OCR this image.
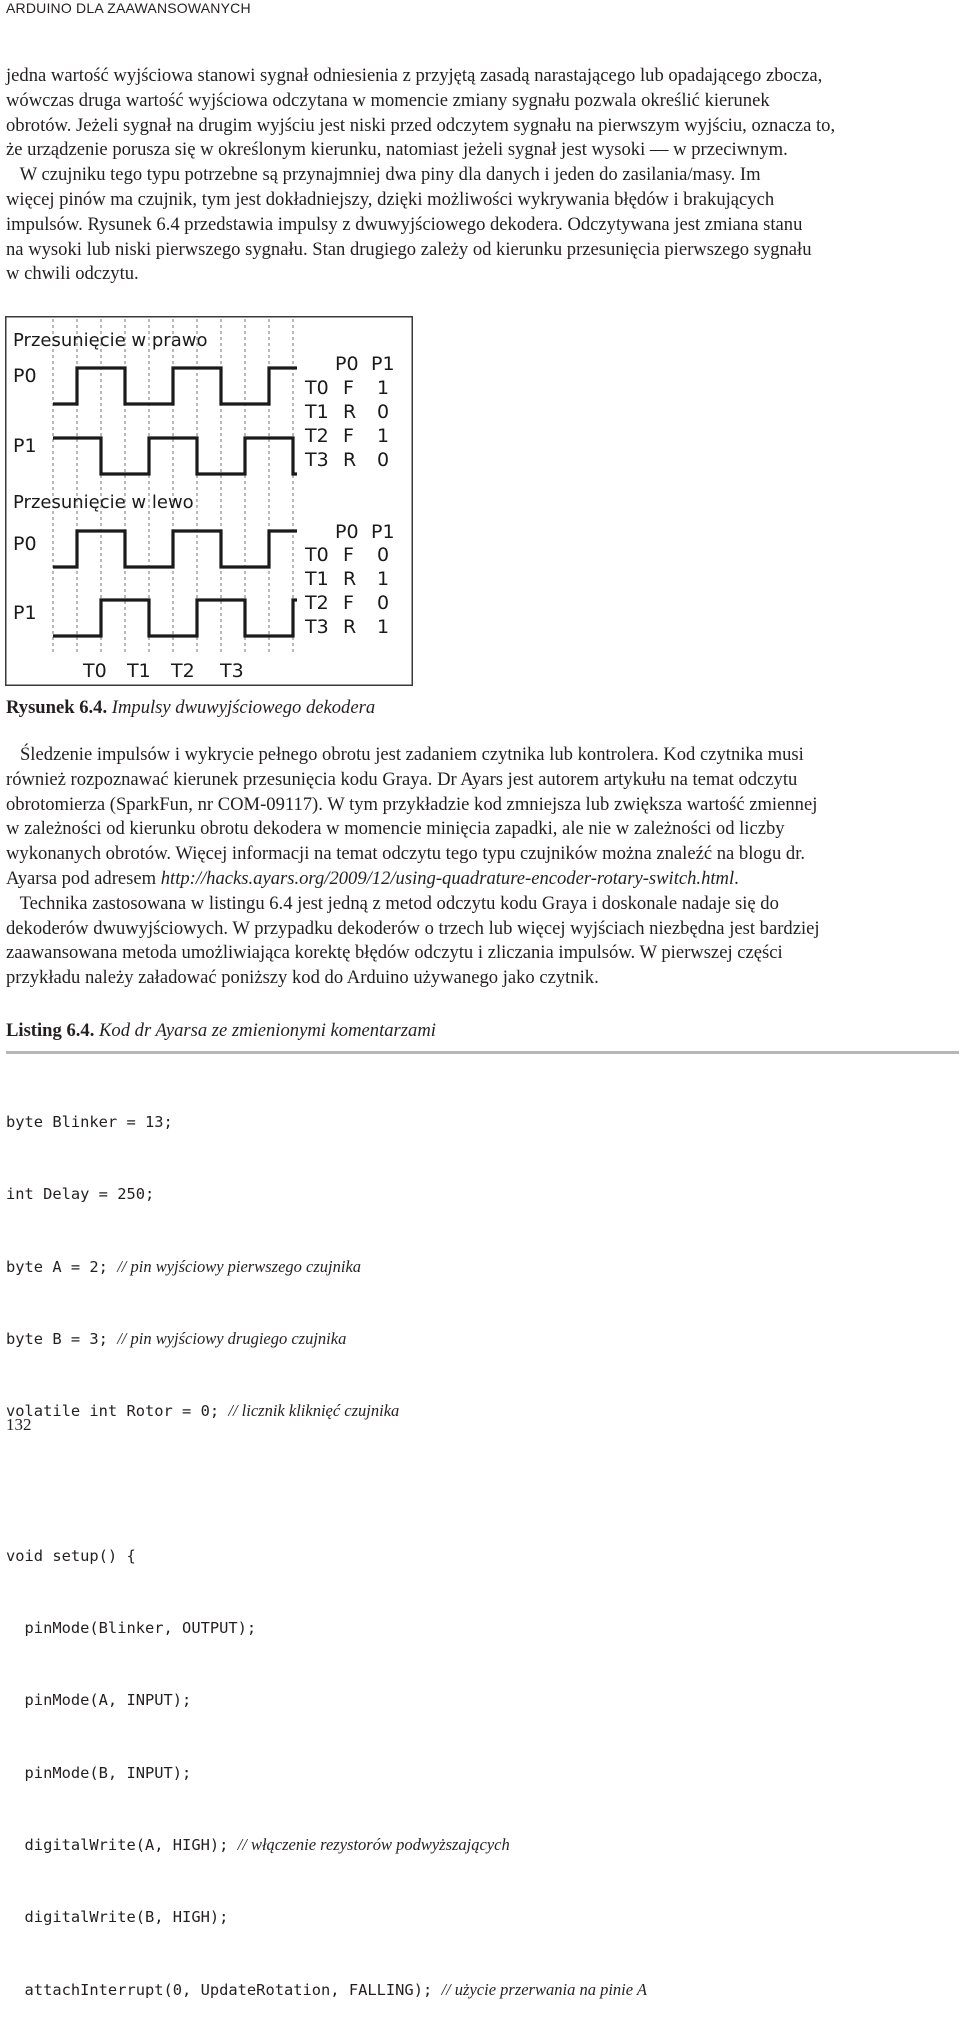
ARDUINO DLA ZAAWANSOWANYCH
jedna wartość wyjściowa stanowi sygnał odniesienia z przyjętą zasadą narastającego lub opadającego zbocza,
wówczas druga wartość wyjściowa odczytana w momencie zmiany sygnału pozwala określić kierunek
obrotów. Jeżeli sygnał na drugim wyjściu jest niski przed odczytem sygnału na pierwszym wyjściu, oznacza to,
że urządzenie porusza się w określonym kierunku, natomiast jeżeli sygnał jest wysoki — w przeciwnym.
W czujniku tego typu potrzebne są przynajmniej dwa piny dla danych i jeden do zasilania/masy. Im
więcej pinów ma czujnik, tym jest dokładniejszy, dzięki możliwości wykrywania błędów i brakujących
impulsów. Rysunek 6.4 przedstawia impulsy z dwuwyjściowego dekodera. Odczytywana jest zmiana stanu
na wysoki lub niski pierwszego sygnału. Stan drugiego zależy od kierunku przesunięcia pierwszego sygnału
w chwili odczytu.
Przesunięcie w prawo
P0
P1
Przesunięcie w lewo
P0
P1
P0 P1
T0 F 1
T1 R 0
T2 F 1
T3 R 0
P0 P1
T0 F 0
T1 R 1
T2 F 0
T3 R 1
T0 T1 T2 T3
Rysunek 6.4. Impulsy dwuwyjściowego dekodera
Śledzenie impulsów i wykrycie pełnego obrotu jest zadaniem czytnika lub kontrolera. Kod czytnika musi
również rozpoznawać kierunek przesunięcia kodu Graya. Dr Ayars jest autorem artykułu na temat odczytu
obrotomierza (SparkFun, nr COM-09117). W tym przykładzie kod zmniejsza lub zwiększa wartość zmiennej
w zależności od kierunku obrotu dekodera w momencie minięcia zapadki, ale nie w zależności od liczby
wykonanych obrotów. Więcej informacji na temat odczytu tego typu czujników można znaleźć na blogu dr.
Ayarsa pod adresem http://hacks.ayars.org/2009/12/using-quadrature-encoder-rotary-switch.html.
Technika zastosowana w listingu 6.4 jest jedną z metod odczytu kodu Graya i doskonale nadaje się do
dekoderów dwuwyjściowych. W przypadku dekoderów o trzech lub więcej wyjściach niezbędna jest bardziej
zaawansowana metoda umożliwiająca korektę błędów odczytu i zliczania impulsów. W pierwszej części
przykładu należy załadować poniższy kod do Arduino używanego jako czytnik.
Listing 6.4. Kod dr Ayarsa ze zmienionymi komentarzami

byte Blinker = 13;

int Delay = 250;

byte A = 2; // pin wyjściowy pierwszego czujnika

byte B = 3; // pin wyjściowy drugiego czujnika

volatile int Rotor = 0; // licznik kliknięć czujnika

void setup() {

pinMode(Blinker, OUTPUT);

pinMode(A, INPUT);

pinMode(B, INPUT);

digitalWrite(A, HIGH); // włączenie rezystorów podwyższających

digitalWrite(B, HIGH);

attachInterrupt(0, UpdateRotation, FALLING); // użycie przerwania na pinie A

132
